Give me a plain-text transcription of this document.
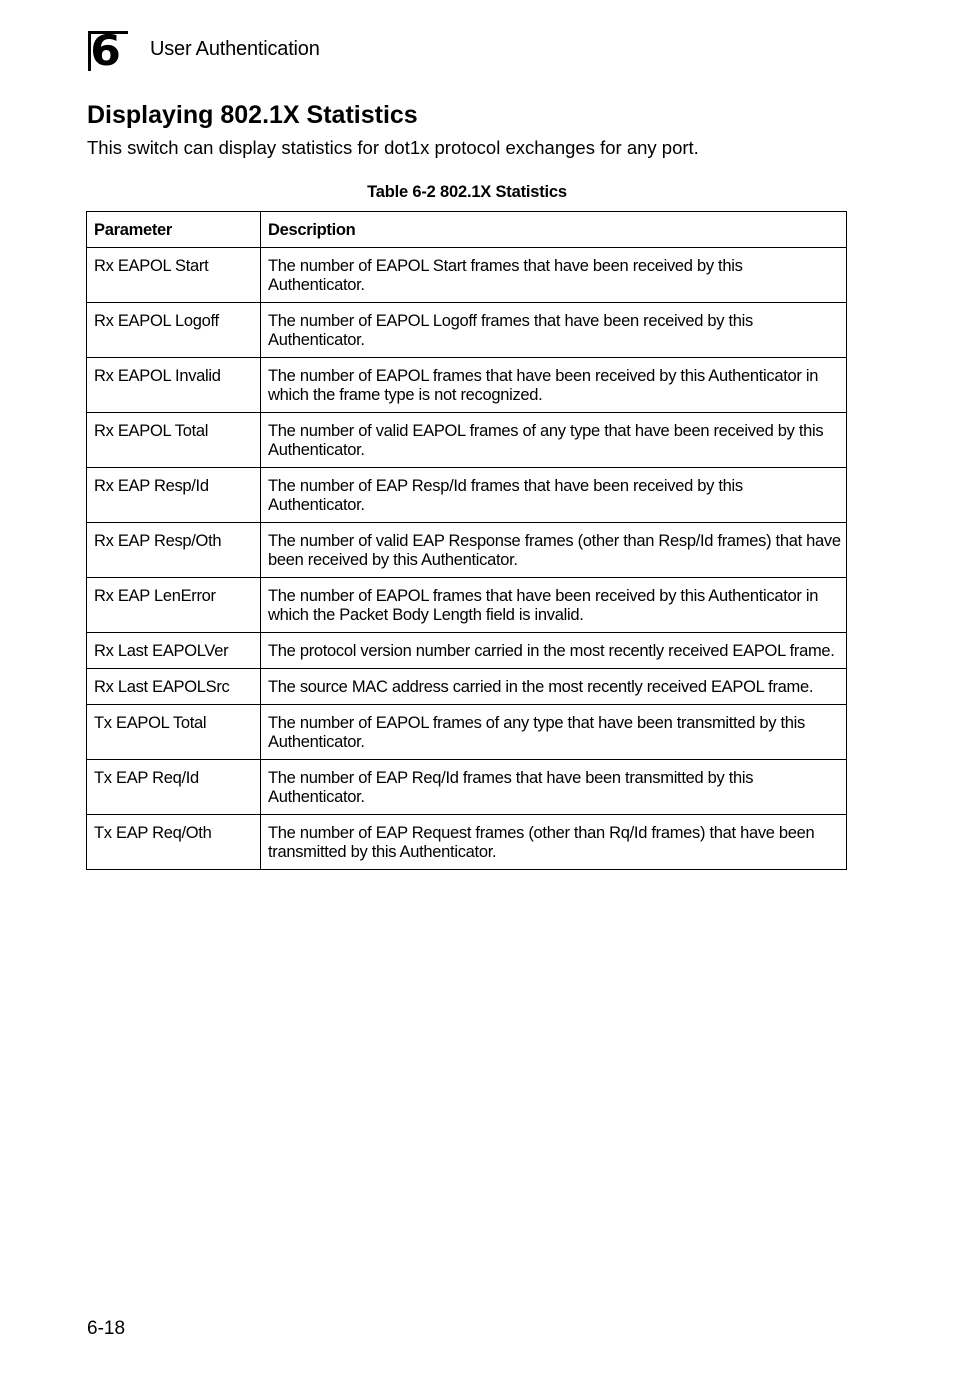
6 User Authentication
Displaying 802.1X Statistics

This switch can display statistics for dot1x protocol exchanges for any port.

Table 6-2 802.1X Statistics
Parameter	Description
Rx EAPOL Start	The number of EAPOL Start frames that have been received by this Authenticator.
Rx EAPOL Logoff	The number of EAPOL Logoff frames that have been received by this Authenticator.
Rx EAPOL Invalid	The number of EAPOL frames that have been received by this Authenticator in which the frame type is not recognized.
Rx EAPOL Total	The number of valid EAPOL frames of any type that have been received by this Authenticator.
Rx EAP Resp/Id	The number of EAP Resp/Id frames that have been received by this Authenticator.
Rx EAP Resp/Oth	The number of valid EAP Response frames (other than Resp/Id frames) that have been received by this Authenticator.
Rx EAP LenError	The number of EAPOL frames that have been received by this Authenticator in which the Packet Body Length field is invalid.
Rx Last EAPOLVer	The protocol version number carried in the most recently received EAPOL frame.
Rx Last EAPOLSrc	The source MAC address carried in the most recently received EAPOL frame.
Tx EAPOL Total	The number of EAPOL frames of any type that have been transmitted by this Authenticator.
Tx EAP Req/Id	The number of EAP Req/Id frames that have been transmitted by this Authenticator.
Tx EAP Req/Oth	The number of EAP Request frames (other than Rq/Id frames) that have been transmitted by this Authenticator.
6-18
